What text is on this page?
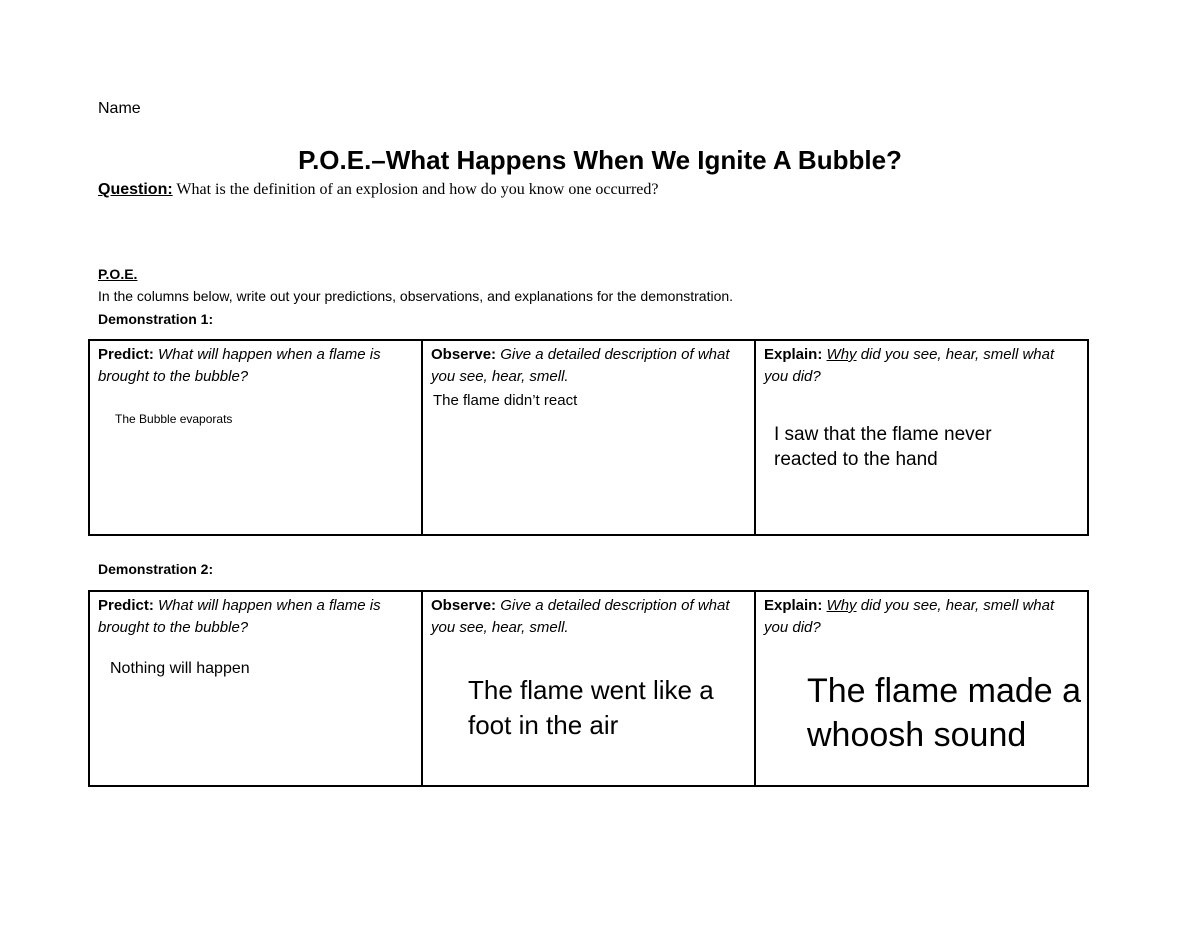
Name
P.O.E.–What Happens When We Ignite A Bubble?
Question: What is the definition of an explosion and how do you know one occurred?
P.O.E.
In the columns below, write out your predictions, observations, and explanations for the demonstration.
Demonstration 1:
Predict: What will happen when a flame is brought to the bubble?
The Bubble evaporats
Observe: Give a detailed description of what you see, hear, smell.
The flame didn’t react
Explain: Why did you see, hear, smell what you did?
I saw that the flame never reacted to the hand
Demonstration 2:
Predict: What will happen when a flame is brought to the bubble?
Nothing will happen
Observe: Give a detailed description of what you see, hear, smell.
The flame went like a foot in the air
Explain: Why did you see, hear, smell what you did?
The flame made a whoosh sound
